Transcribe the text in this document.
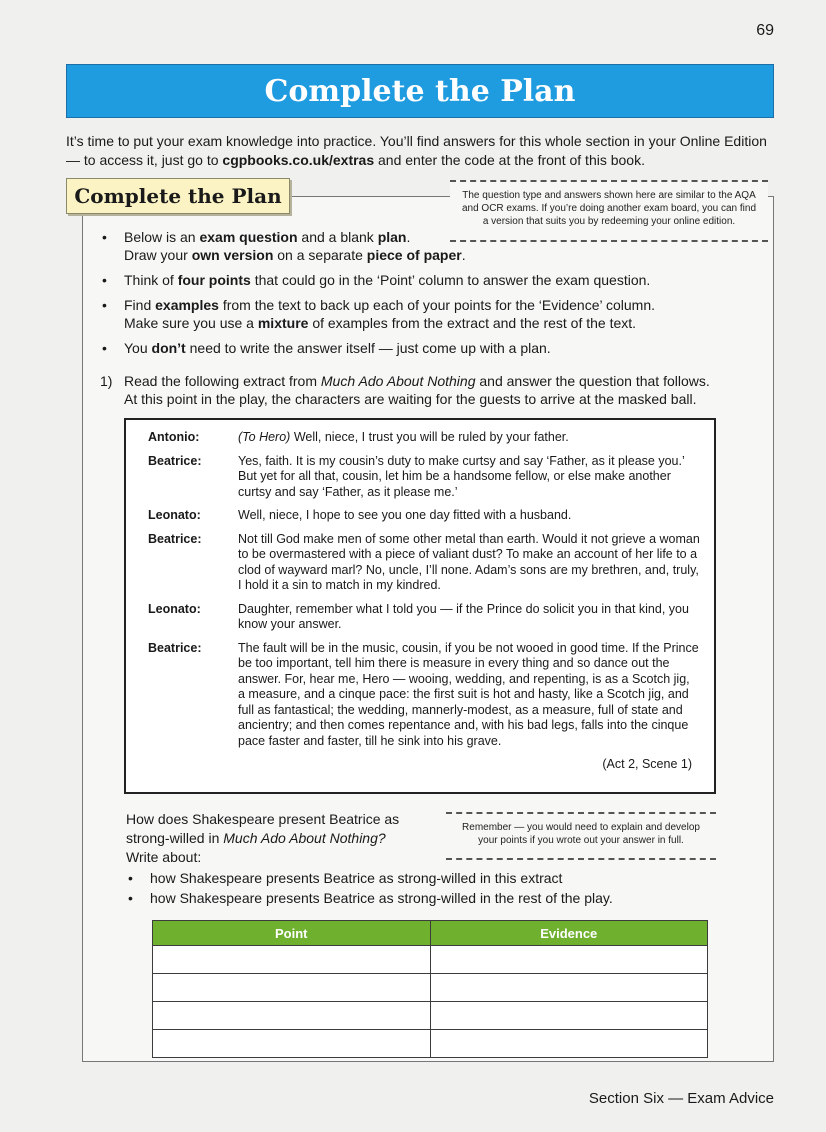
69
Complete the Plan
It’s time to put your exam knowledge into practice. You’ll find answers for this whole section in your Online Edition — to access it, just go to cgpbooks.co.uk/extras and enter the code at the front of this book.
Complete the Plan	The question type and answers shown here are similar to the AQA and OCR exams. If you’re doing another exam board, you can find a version that suits you by redeeming your online edition.
• Below is an exam question and a blank plan.
Draw your own version on a separate piece of paper.
• Think of four points that could go in the ‘Point’ column to answer the exam question.
• Find examples from the text to back up each of your points for the ‘Evidence’ column.
Make sure you use a mixture of examples from the extract and the rest of the text.
• You don’t need to write the answer itself — just come up with a plan.
1) Read the following extract from Much Ado About Nothing and answer the question that follows.
At this point in the play, the characters are waiting for the guests to arrive at the masked ball.
Antonio:	(To Hero) Well, niece, I trust you will be ruled by your father.
Beatrice:	Yes, faith. It is my cousin’s duty to make curtsy and say ‘Father, as it please you.’ But yet for all that, cousin, let him be a handsome fellow, or else make another curtsy and say ‘Father, as it please me.’
Leonato:	Well, niece, I hope to see you one day fitted with a husband.
Beatrice:	Not till God make men of some other metal than earth. Would it not grieve a woman to be overmastered with a piece of valiant dust? To make an account of her life to a clod of wayward marl? No, uncle, I’ll none. Adam’s sons are my brethren, and, truly, I hold it a sin to match in my kindred.
Leonato:	Daughter, remember what I told you — if the Prince do solicit you in that kind, you know your answer.
Beatrice:	The fault will be in the music, cousin, if you be not wooed in good time. If the Prince be too important, tell him there is measure in every thing and so dance out the answer. For, hear me, Hero — wooing, wedding, and repenting, is as a Scotch jig, a measure, and a cinque pace: the first suit is hot and hasty, like a Scotch jig, and full as fantastical; the wedding, mannerly-modest, as a measure, full of state and ancientry; and then comes repentance and, with his bad legs, falls into the cinque pace faster and faster, till he sink into his grave.
(Act 2, Scene 1)
How does Shakespeare present Beatrice as strong-willed in Much Ado About Nothing?
Write about:
Remember — you would need to explain and develop your points if you wrote out your answer in full.
• how Shakespeare presents Beatrice as strong-willed in this extract
• how Shakespeare presents Beatrice as strong-willed in the rest of the play.
Point	Evidence

Section Six — Exam Advice
